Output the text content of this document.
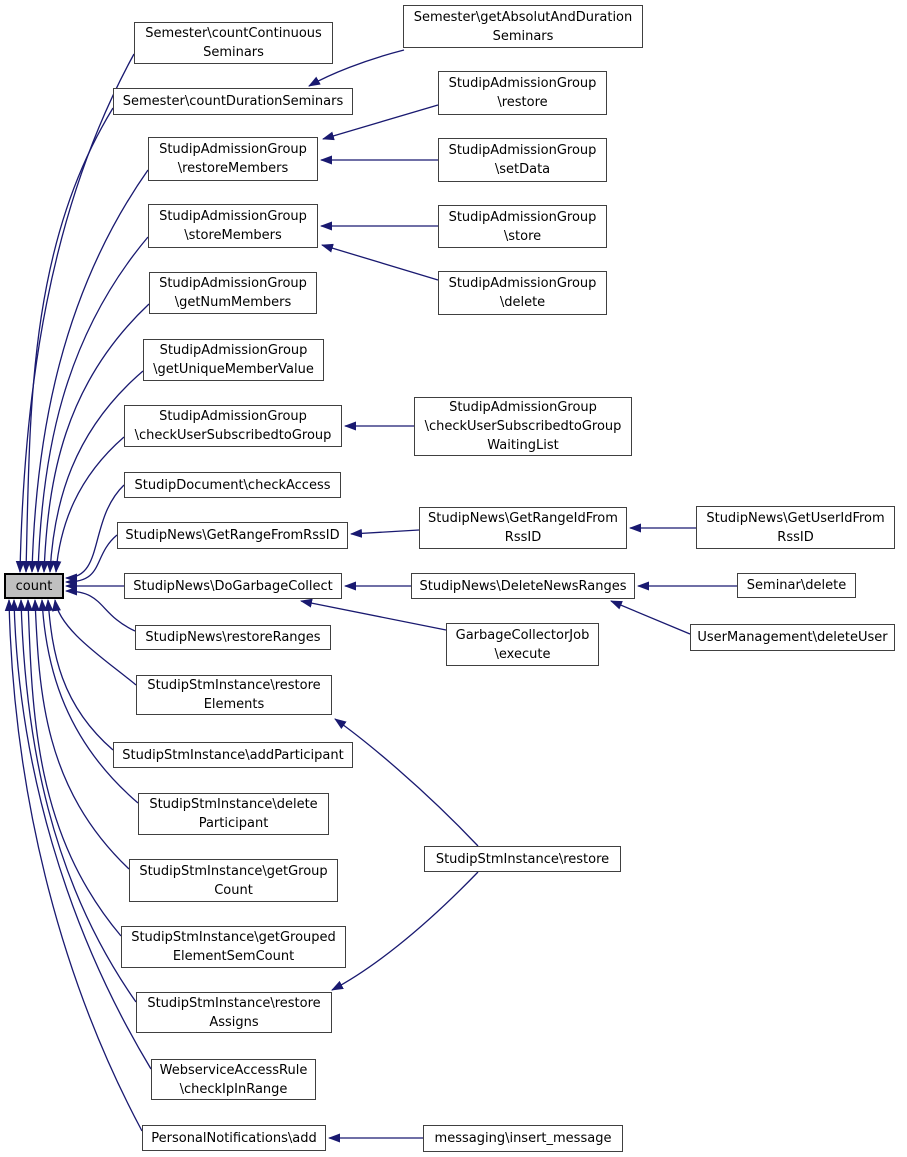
count
Semester\countContinuous
Seminars
Semester\countDurationSeminars
StudipAdmissionGroup
\restoreMembers
StudipAdmissionGroup
\storeMembers
StudipAdmissionGroup
\getNumMembers
StudipAdmissionGroup
\getUniqueMemberValue
StudipAdmissionGroup
\checkUserSubscribedtoGroup
StudipDocument\checkAccess
StudipNews\GetRangeFromRssID
StudipNews\DoGarbageCollect
StudipNews\restoreRanges
StudipStmInstance\restore
Elements
StudipStmInstance\addParticipant
StudipStmInstance\delete
Participant
StudipStmInstance\getGroup
Count
StudipStmInstance\getGrouped
ElementSemCount
StudipStmInstance\restore
Assigns
WebserviceAccessRule
\checkIpInRange
PersonalNotifications\add
Semester\getAbsolutAndDuration
Seminars
StudipAdmissionGroup
\restore
StudipAdmissionGroup
\setData
StudipAdmissionGroup
\store
StudipAdmissionGroup
\delete
StudipAdmissionGroup
\checkUserSubscribedtoGroup
WaitingList
StudipNews\GetRangeIdFrom
RssID
StudipNews\DeleteNewsRanges
GarbageCollectorJob
\execute
StudipStmInstance\restore
messaging\insert_message
StudipNews\GetUserIdFrom
RssID
Seminar\delete
UserManagement\deleteUser
